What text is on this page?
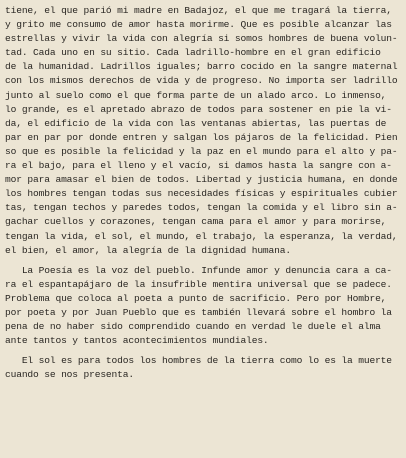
tiene, el que parió mi madre en Badajoz, el que me tragará la tierra,
y grito me consumo de amor hasta morirme. Que es posible alcanzar las
estrellas y vivir la vida con alegría si somos hombres de buena volun-
tad. Cada uno en su sitio. Cada ladrillo-hombre en el gran edificio
de la humanidad. Ladrillos iguales; barro cocido en la sangre maternal
con los mismos derechos de vida y de progreso. No importa ser ladrillo
junto al suelo como el que forma parte de un alado arco. Lo inmenso,
lo grande, es el apretado abrazo de todos para sostener en pie la vi-
da, el edificio de la vida con las ventanas abiertas, las puertas de
par en par por donde entren y salgan los pájaros de la felicidad. Pien
so que es posible la felicidad y la paz en el mundo para el alto y pa-
ra el bajo, para el lleno y el vacío, si damos hasta la sangre con a-
mor para amasar el bien de todos. Libertad y justicia humana, en donde
los hombres tengan todas sus necesidades físicas y espirituales cubier
tas, tengan techos y paredes todos, tengan la comida y el libro sin a-
gachar cuellos y corazones, tengan cama para el amor y para morirse,
tengan la vida, el sol, el mundo, el trabajo, la esperanza, la verdad,
el bien, el amor, la alegría de la dignidad humana.
La Poesía es la voz del pueblo. Infunde amor y denuncia cara a ca-
ra el espantapájaro de la insufrible mentira universal que se padece.
Problema que coloca al poeta a punto de sacrificio. Pero por Hombre,
por poeta y por Juan Pueblo que es también llevará sobre el hombro la
pena de no haber sido comprendido cuando en verdad le duele el alma
ante tantos y tantos acontecimientos mundiales.
El sol es para todos los hombres de la tierra como lo es la muerte
cuando se nos presenta.
